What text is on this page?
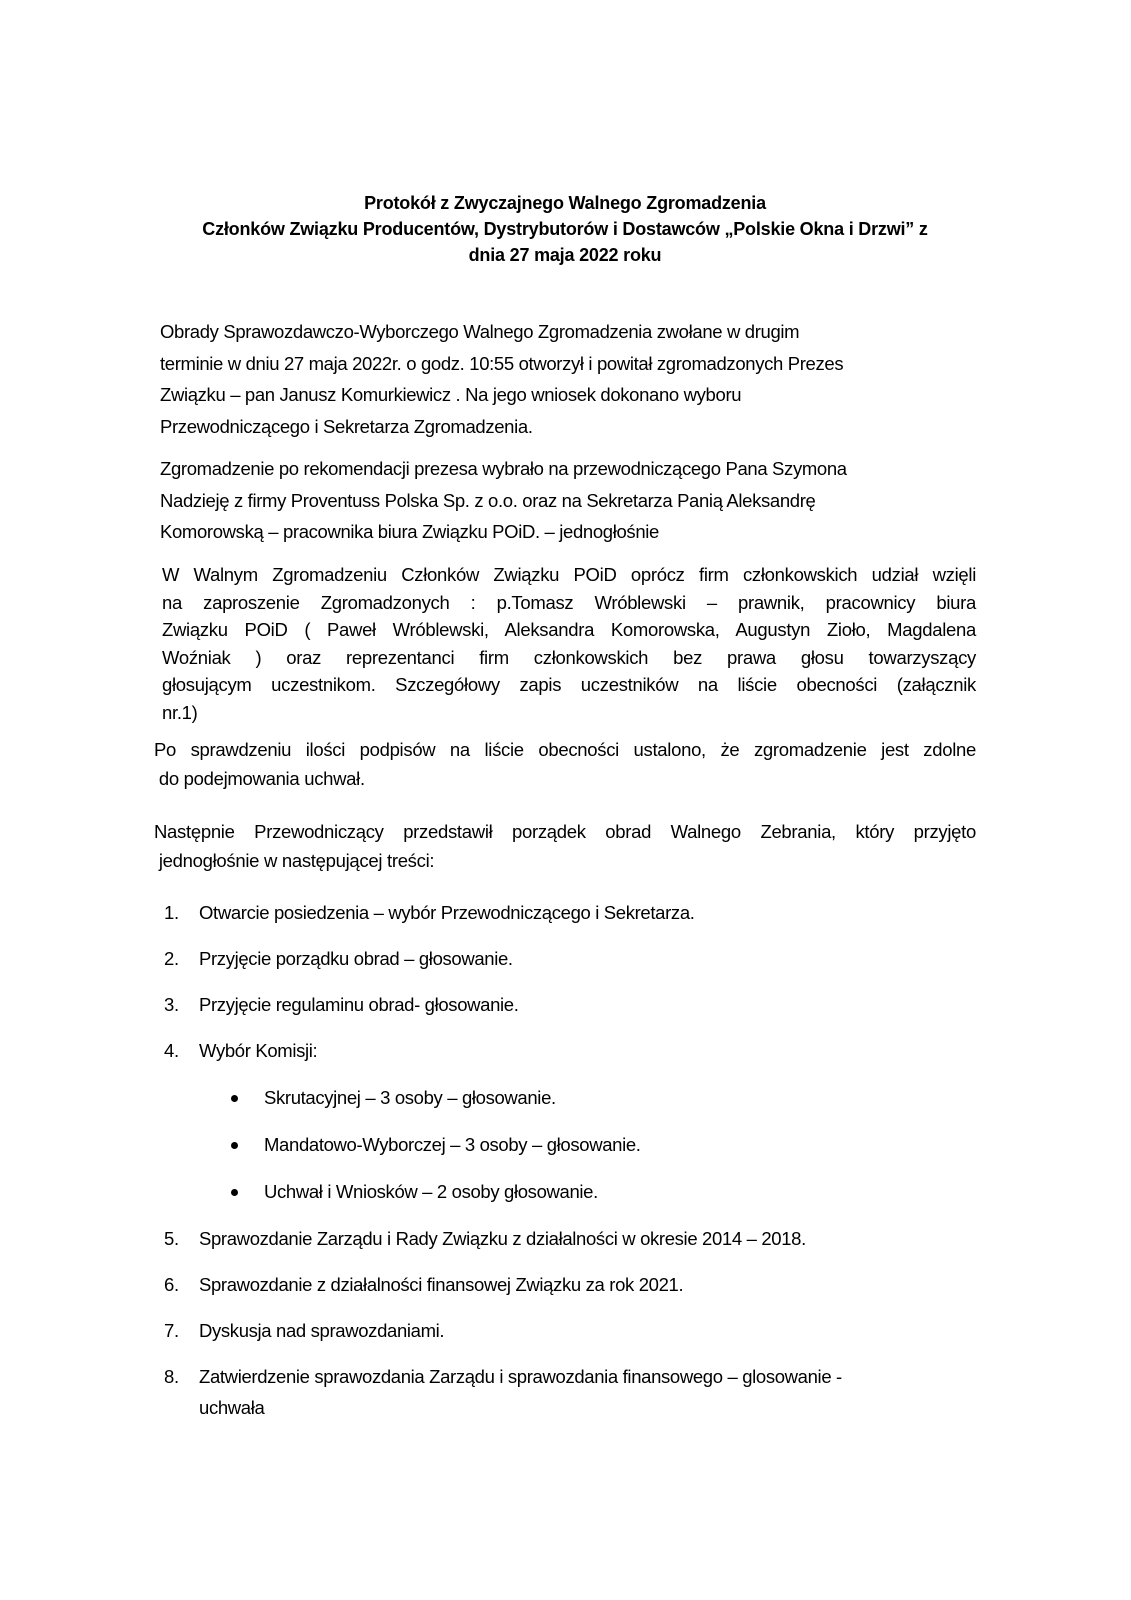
Protokół z Zwyczajnego Walnego Zgromadzenia
Członków Związku Producentów, Dystrybutorów i Dostawców „Polskie Okna i Drzwi” z
dnia 27 maja 2022 roku
Obrady Sprawozdawczo-Wyborczego Walnego Zgromadzenia zwołane w drugim
terminie w dniu 27 maja 2022r. o godz. 10:55 otworzył i powitał zgromadzonych Prezes
Związku – pan Janusz Komurkiewicz . Na jego wniosek dokonano wyboru
Przewodniczącego i Sekretarza Zgromadzenia.
Zgromadzenie po rekomendacji prezesa wybrało na przewodniczącego Pana Szymona
Nadzieję z firmy Proventuss Polska Sp. z o.o. oraz na Sekretarza Panią Aleksandrę
Komorowską – pracownika biura Związku POiD. – jednogłośnie
W Walnym Zgromadzeniu Członków Związku POiD oprócz firm członkowskich udział wzięli
na zaproszenie Zgromadzonych : p.Tomasz Wróblewski – prawnik, pracownicy biura
Związku POiD ( Paweł Wróblewski, Aleksandra Komorowska, Augustyn Zioło, Magdalena
Woźniak ) oraz reprezentanci firm członkowskich bez prawa głosu towarzyszący
głosującym uczestnikom. Szczegółowy zapis uczestników na liście obecności (załącznik
nr.1)
Po sprawdzeniu ilości podpisów na liście obecności ustalono, że zgromadzenie jest zdolne
do podejmowania uchwał.
Następnie Przewodniczący przedstawił porządek obrad Walnego Zebrania, który przyjęto
jednogłośnie w następującej treści:
1.	Otwarcie posiedzenia – wybór Przewodniczącego i Sekretarza.
2.	Przyjęcie porządku obrad – głosowanie.
3.	Przyjęcie regulaminu obrad- głosowanie.
4.	Wybór Komisji:
Skrutacyjnej – 3 osoby – głosowanie.
Mandatowo-Wyborczej – 3 osoby – głosowanie.
Uchwał i Wniosków – 2 osoby głosowanie.
5.	Sprawozdanie Zarządu i Rady Związku z działalności w okresie 2014 – 2018.
6.	Sprawozdanie z działalności finansowej Związku za rok 2021.
7.	Dyskusja nad sprawozdaniami.
8.	Zatwierdzenie sprawozdania Zarządu i sprawozdania finansowego – glosowanie -
uchwała
